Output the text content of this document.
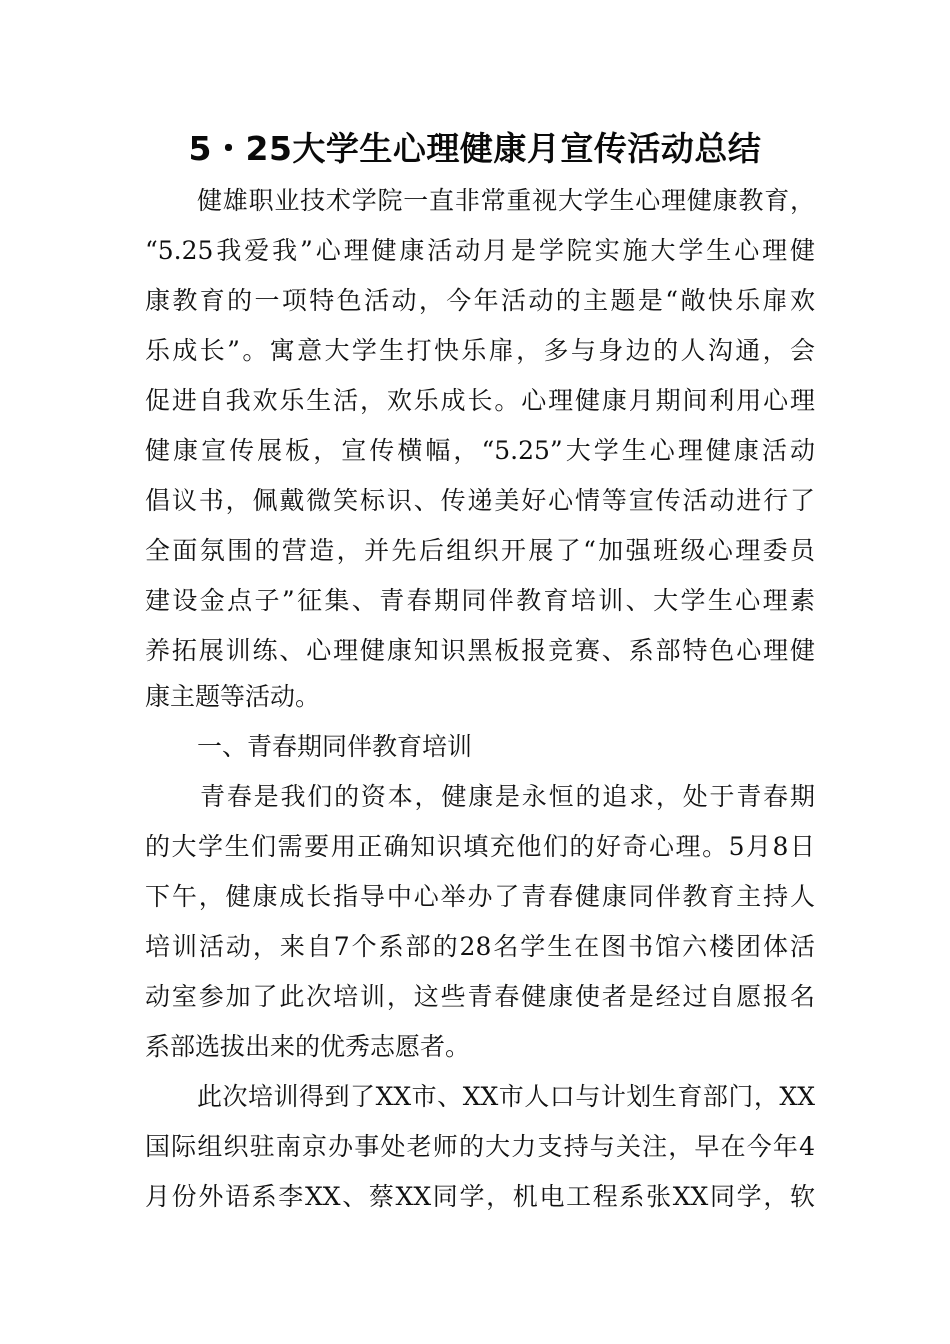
5・25大学生心理健康月宣传活动总结
健雄职业技术学院一直非常重视大学生心理健康教育，
“5.25我爱我”心理健康活动月是学院实施大学生心理健
康教育的一项特色活动，今年活动的主题是“敞快乐扉欢
乐成长”。寓意大学生打快乐扉，多与身边的人沟通，会
促进自我欢乐生活，欢乐成长。心理健康月期间利用心理
健康宣传展板，宣传横幅，“5.25”大学生心理健康活动
倡议书，佩戴微笑标识、传递美好心情等宣传活动进行了
全面氛围的营造，并先后组织开展了“加强班级心理委员
建设金点子”征集、青春期同伴教育培训、大学生心理素
养拓展训练、心理健康知识黑板报竞赛、系部特色心理健
康主题等活动。
一、青春期同伴教育培训
青春是我们的资本，健康是永恒的追求，处于青春期
的大学生们需要用正确知识填充他们的好奇心理。5月8日
下午，健康成长指导中心举办了青春健康同伴教育主持人
培训活动，来自7个系部的28名学生在图书馆六楼团体活
动室参加了此次培训，这些青春健康使者是经过自愿报名
系部选拔出来的优秀志愿者。
此次培训得到了XX市、XX市人口与计划生育部门，XX
国际组织驻南京办事处老师的大力支持与关注，早在今年4
月份外语系李XX、蔡XX同学，机电工程系张XX同学，软
